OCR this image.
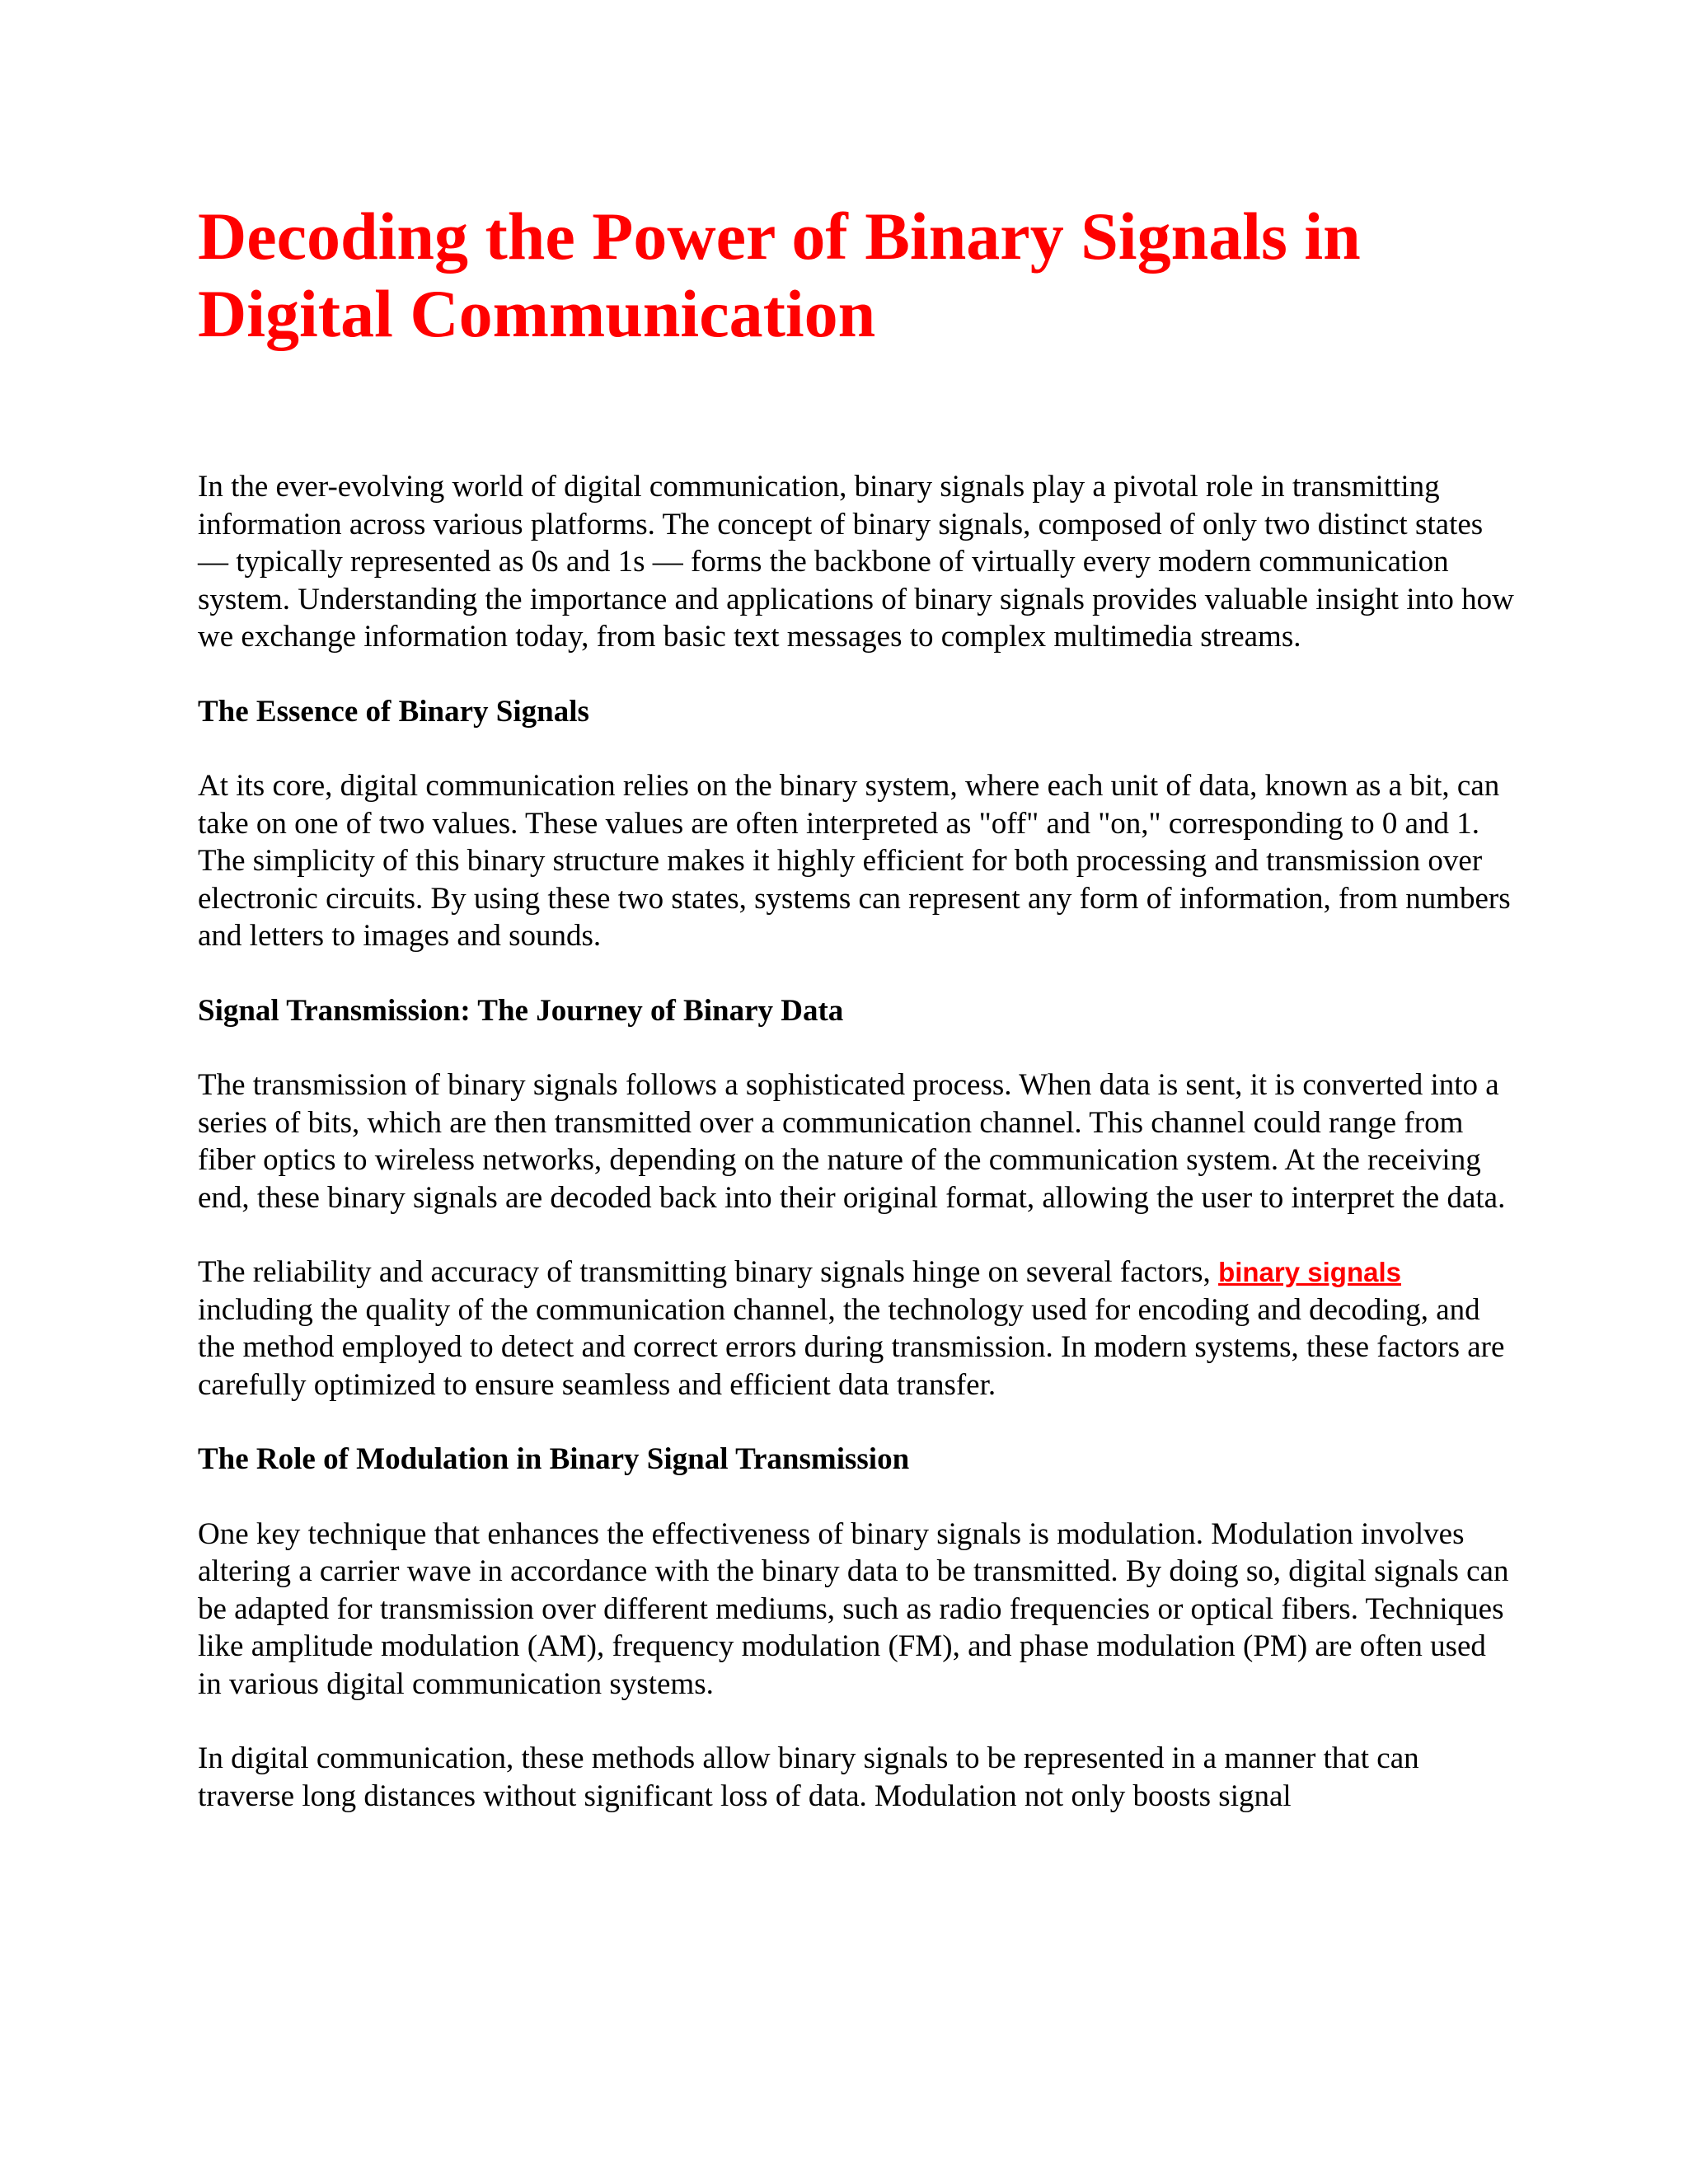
Decoding the Power of Binary Signals in Digital Communication

In the ever-evolving world of digital communication, binary signals play a pivotal role in transmitting information across various platforms. The concept of binary signals, composed of only two distinct states — typically represented as 0s and 1s — forms the backbone of virtually every modern communication system. Understanding the importance and applications of binary signals provides valuable insight into how we exchange information today, from basic text messages to complex multimedia streams.

The Essence of Binary Signals

At its core, digital communication relies on the binary system, where each unit of data, known as a bit, can take on one of two values. These values are often interpreted as "off" and "on," corresponding to 0 and 1. The simplicity of this binary structure makes it highly efficient for both processing and transmission over electronic circuits. By using these two states, systems can represent any form of information, from numbers and letters to images and sounds.

Signal Transmission: The Journey of Binary Data

The transmission of binary signals follows a sophisticated process. When data is sent, it is converted into a series of bits, which are then transmitted over a communication channel. This channel could range from fiber optics to wireless networks, depending on the nature of the communication system. At the receiving end, these binary signals are decoded back into their original format, allowing the user to interpret the data.

The reliability and accuracy of transmitting binary signals hinge on several factors, binary signals including the quality of the communication channel, the technology used for encoding and decoding, and the method employed to detect and correct errors during transmission. In modern systems, these factors are carefully optimized to ensure seamless and efficient data transfer.

The Role of Modulation in Binary Signal Transmission

One key technique that enhances the effectiveness of binary signals is modulation. Modulation involves altering a carrier wave in accordance with the binary data to be transmitted. By doing so, digital signals can be adapted for transmission over different mediums, such as radio frequencies or optical fibers. Techniques like amplitude modulation (AM), frequency modulation (FM), and phase modulation (PM) are often used in various digital communication systems.

In digital communication, these methods allow binary signals to be represented in a manner that can traverse long distances without significant loss of data. Modulation not only boosts signal
